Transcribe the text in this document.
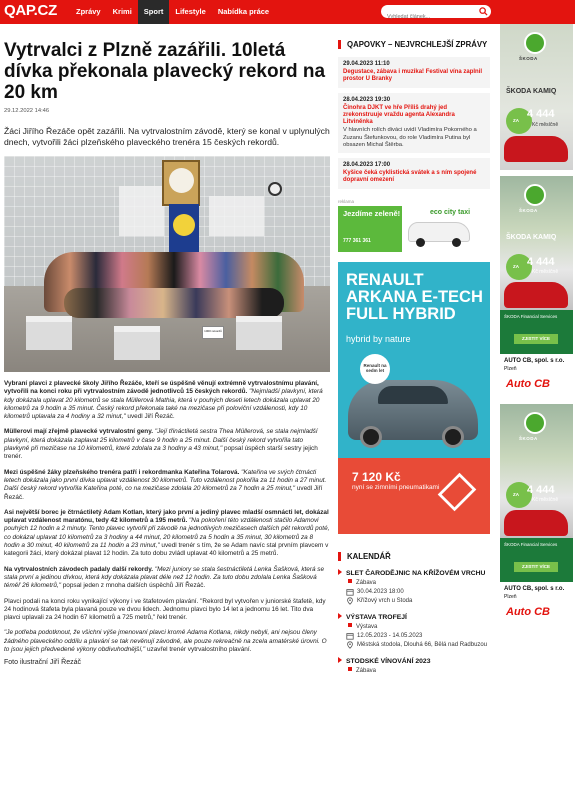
QAP.CZ	Zprávy	Krimi	Sport	Lifestyle	Nabídka práce
Vyhledat článek...
Vytrvalci z Plzně zazářili. 10letá dívka překonala plavecký rekord na 20 km
29.12.2022 14:46
Žáci Jiřího Řezáče opět zazářili. Na vytrvalostním závodě, který se konal v uplynulých dnech, vytvořili žáci plzeňského plaveckého trenéra 15 českých rekordů.
1000 rekordů

Vybraní plavci z plavecké školy Jiřího Řezáče, kteří se úspěšně věnují extrémně vytrvalostnímu plavání, vytvořili na konci roku při vytrvalostním závodě jednotlivců 15 českých rekordů. "Nejmladší plavkyní, která kdy dokázala uplavat 20 kilometrů se stala Müllerová Mathia, která v pouhých deseti letech dokázala uplavat 20 kilometrů za 9 hodin a 35 minut. Český rekord překonala také na mezičase při poloviční vzdálenosti, kdy 10 kilometrů uplavala za 4 hodiny a 32 minut," uvedl Jiří Řezáč.

Müllerovi mají zřejmě plavecké vytrvalostní geny. "Její třináctiletá sestra Thea Müllerová, se stala nejmladší plavkyní, která dokázala zaplavat 25 kilometrů v čase 9 hodin a 25 minut. Další český rekord vytvořila tato plavkyně při mezičase na 10 kilometrů, které zdolala za 3 hodiny a 43 minut," popsal úspěch starší sestry jejich trenér.

Mezi úspěšné žáky plzeňského trenéra patří i rekordmanka Kateřina Tolarová. "Kateřina ve svých čtrnácti letech dokázala jako první dívka uplavat vzdálenost 30 kilometrů. Tuto vzdálenost pokořila za 11 hodin a 27 minut. Další český rekord vytvořila Kateřina poté, co na mezičase zdolala 20 kilometrů za 7 hodin a 25 minut," uvedl Jiří Řezáč.

Asi největší borec je čtrnáctiletý Adam Kotlan, který jako první a jediný plavec mladší osmnácti let, dokázal uplavat vzdálenost maratónu, tedy 42 kilometrů a 195 metrů. "Na pokoření této vzdálenosti stačilo Adamovi pouhých 12 hodin a 2 minuty. Tento plavec vytvořil při závodě na jednotlivých mezičasech dalších pět rekordů poté, co dokázal uplavat 10 kilometrů za 3 hodiny a 44 minut, 20 kilometrů za 5 hodin a 35 minut, 30 kilometrů za 8 hodin a 30 minut, 40 kilometrů za 11 hodin a 23 minut," uvedl trenér s tím, že se Adam navíc stal prvním plavcem v kategorii žáci, který dokázal plavat 12 hodin. Za tuto dobu zvládl uplavat 40 kilometrů a 25 metrů.

Na vytrvalostních závodech padaly další rekordy. "Mezi juniory se stala šestnáctiletá Lenka Šašková, která se stala první a jedinou dívkou, která kdy dokázala plavat déle než 12 hodin. Za tuto dobu zdolala Lenka Šašková téměř 26 kilometrů," popsal jeden z mnoha dalších úspěchů Jiří Řezáč.

Plavci podali na konci roku vynikající výkony i ve štafetovém plavání. "Rekord byl vytvořen v juniorské štafetě, kdy 24 hodinová štafeta byla plavaná pouze ve dvou lidech. Jednomu plavci bylo 14 let a jednomu 16 let. Tito dva plavci uplavali za 24 hodin 67 kilometrů a 725 metrů," řekl trenér.

"Je potřeba podotknout, že všichni výše jmenovaní plavci kromě Adama Kotlana, nikdy nebyli, ani nejsou členy žádného plaveckého oddílu a plavání se tak nevěnují závodně, ale pouze rekreačně na zcela amatérské úrovni. O to jsou jejich předvedené výkony obdivuhodnější," uzavřel trenér vytrvalostního plavání.

Foto ilustrační Jiří Řezáč

QAPOVKY – NEJVRCHLEJŠÍ ZPRÁVY
29.04.2023 11:10
Degustace, zábava i muzika! Festival vína zaplnil prostor U Branky
28.04.2023 19:30
Činohra DJKT ve hře Příliš drahý jed zrekonstruuje vraždu agenta Alexandra Litviněnka
V hlavních rolích diváci uvidí Vladimíra Pokorného a Zuzanu Štefunkovou, do role Vladimíra Putina byl obsazen Michal Štěrba.
28.04.2023 17:00
Kyšice čeká cyklistická svátek a s ním spojené dopravní omezení
reklama
Jezdíme zeleně!
777 361 361
eco city taxi
RENAULT ARKANA E-TECH FULL HYBRID
hybrid by nature
Renault na sedm let
7 120 Kč
nyní se zimními pneumatikami
KALENDÁŘ
SLET ČARODĚJNIC NA KŘÍŽOVÉM VRCHU
Zábava
30.04.2023 18:00
Křížový vrch u Stoda
VÝSTAVA TROFEJÍ
Výstava
12.05.2023 - 14.05.2023
Městská stodola, Dlouhá 66, Bělá nad Radbuzou
STODSKÉ VÍNOVÁNÍ 2023
Zábava
ŠKODA
ŠKODA KAMIQ
ZA
4 444
Kč měsíčně
ŠKODA
ŠKODA KAMIQ
ZA 4 444
Kč měsíčně
ŠKODA Financial Services
ZJISTIT VÍCE
AUTO CB, spol. s r.o.
Plzeň
Auto CB
ŠKODA
ZA 4 444
Kč měsíčně
ŠKODA Financial Services
ZJISTIT VÍCE
AUTO CB, spol. s r.o.
Plzeň
Auto CB
